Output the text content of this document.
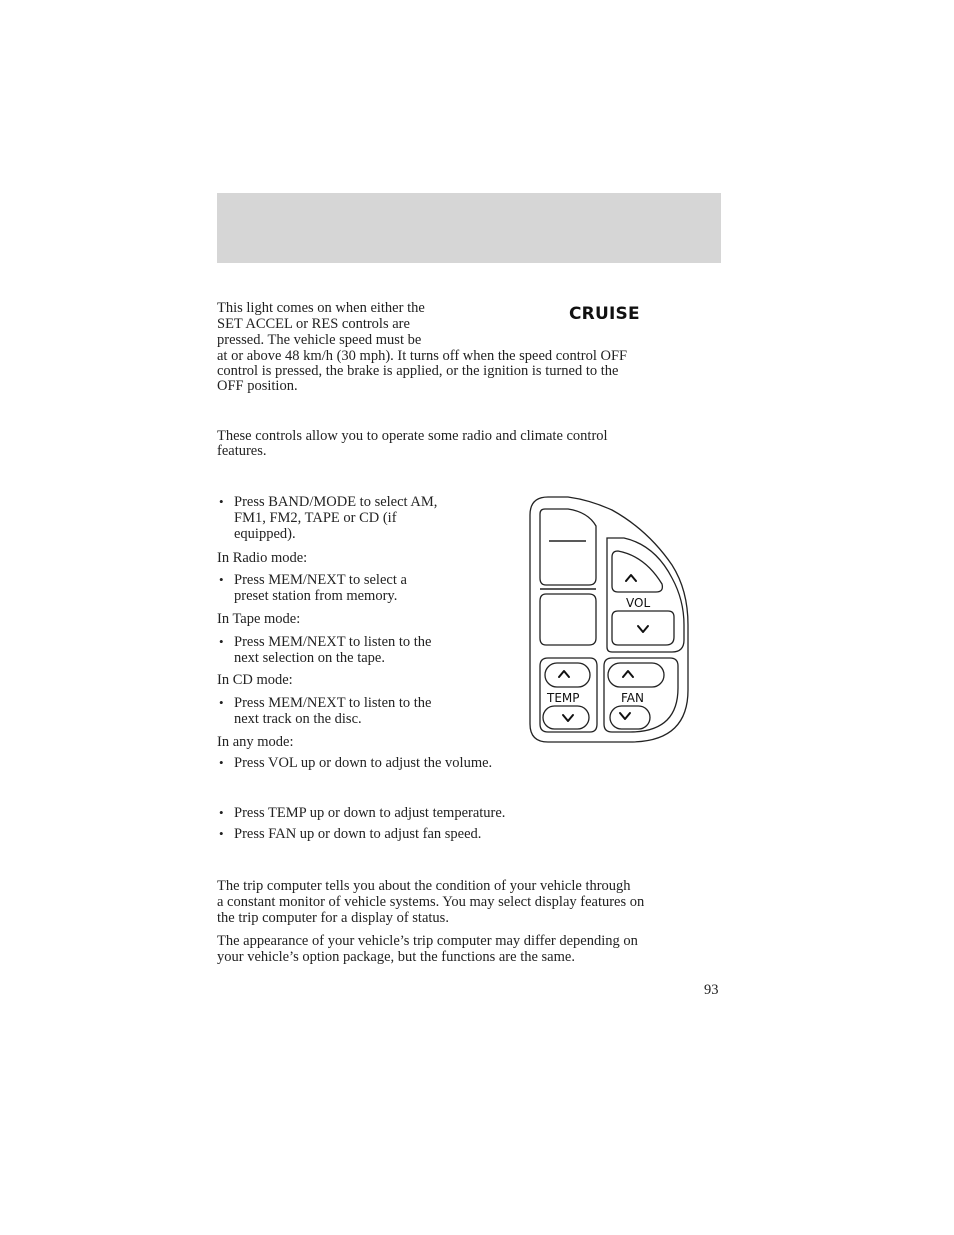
This light comes on when either the

SET ACCEL or RES controls are

pressed. The vehicle speed must be

at or above 48 km/h (30 mph). It turns off when the speed control OFF

control is pressed, the brake is applied, or the ignition is turned to the

OFF position.

CRUISE

These controls allow you to operate some radio and climate control

features.

• Press BAND/MODE to select AM,

FM1, FM2, TAPE or CD (if

equipped).

In Radio mode:

• Press MEM/NEXT to select a

preset station from memory.

In Tape mode:

• Press MEM/NEXT to listen to the

next selection on the tape.

In CD mode:

• Press MEM/NEXT to listen to the

next track on the disc.

In any mode:

• Press VOL up or down to adjust the volume.

• Press TEMP up or down to adjust temperature.

• Press FAN up or down to adjust fan speed.

The trip computer tells you about the condition of your vehicle through

a constant monitor of vehicle systems. You may select display features on

the trip computer for a display of status.

The appearance of your vehicle’s trip computer may differ depending on

your vehicle’s option package, but the functions are the same.

VOL
TEMP	FAN
93
